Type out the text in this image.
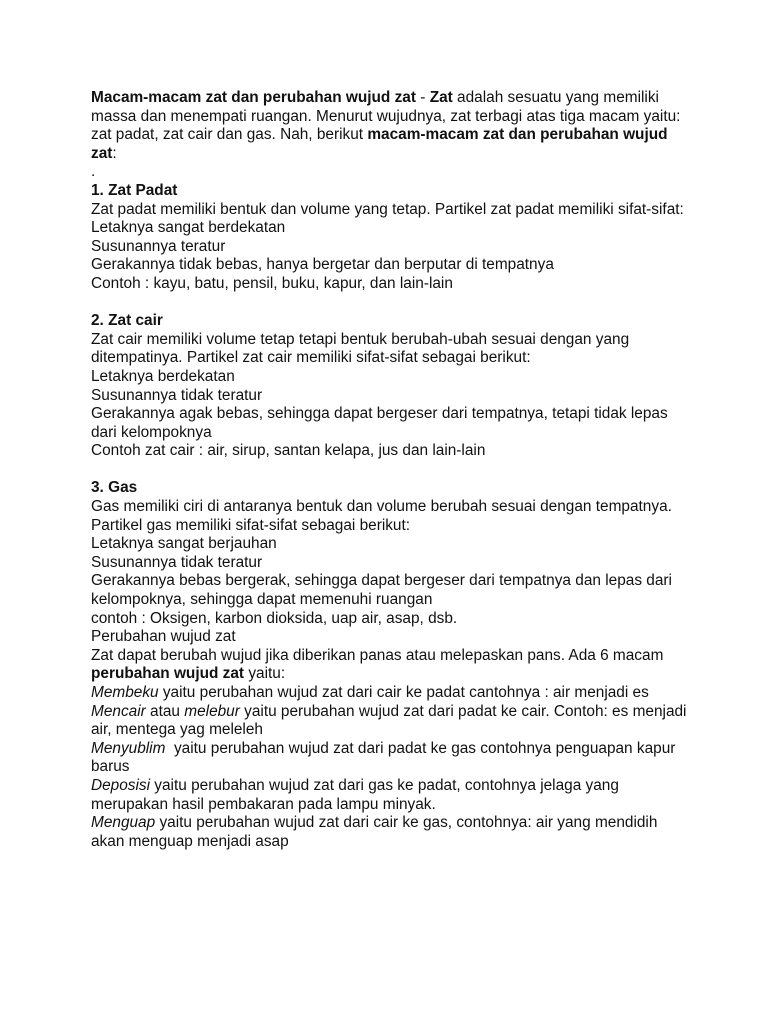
Macam-macam zat dan perubahan wujud zat - Zat adalah sesuatu yang memiliki massa dan menempati ruangan. Menurut wujudnya, zat terbagi atas tiga macam yaitu: zat padat, zat cair dan gas. Nah, berikut macam-macam zat dan perubahan wujud zat:

.

1. Zat Padat

Zat padat memiliki bentuk dan volume yang tetap. Partikel zat padat memiliki sifat-sifat:

Letaknya sangat berdekatan

Susunannya teratur

Gerakannya tidak bebas, hanya bergetar dan berputar di tempatnya

Contoh : kayu, batu, pensil, buku, kapur, dan lain-lain

2. Zat cair

Zat cair memiliki volume tetap tetapi bentuk berubah-ubah sesuai dengan yang ditempatinya. Partikel zat cair memiliki sifat-sifat sebagai berikut:

Letaknya berdekatan

Susunannya tidak teratur

Gerakannya agak bebas, sehingga dapat bergeser dari tempatnya, tetapi tidak lepas dari kelompoknya

Contoh zat cair : air, sirup, santan kelapa, jus dan lain-lain

3. Gas

Gas memiliki ciri di antaranya bentuk dan volume berubah sesuai dengan tempatnya. Partikel gas memiliki sifat-sifat sebagai berikut:

Letaknya sangat berjauhan

Susunannya tidak teratur

Gerakannya bebas bergerak, sehingga dapat bergeser dari tempatnya dan lepas dari kelompoknya, sehingga dapat memenuhi ruangan

contoh : Oksigen, karbon dioksida, uap air, asap, dsb.

Perubahan wujud zat

Zat dapat berubah wujud jika diberikan panas atau melepaskan pans. Ada 6 macam perubahan wujud zat yaitu:

Membeku yaitu perubahan wujud zat dari cair ke padat cantohnya : air menjadi es

Mencair atau melebur yaitu perubahan wujud zat dari padat ke cair. Contoh: es menjadi air, mentega yag meleleh

Menyublim  yaitu perubahan wujud zat dari padat ke gas contohnya penguapan kapur barus

Deposisi yaitu perubahan wujud zat dari gas ke padat, contohnya jelaga yang merupakan hasil pembakaran pada lampu minyak.

Menguap yaitu perubahan wujud zat dari cair ke gas, contohnya: air yang mendidih akan menguap menjadi asap
